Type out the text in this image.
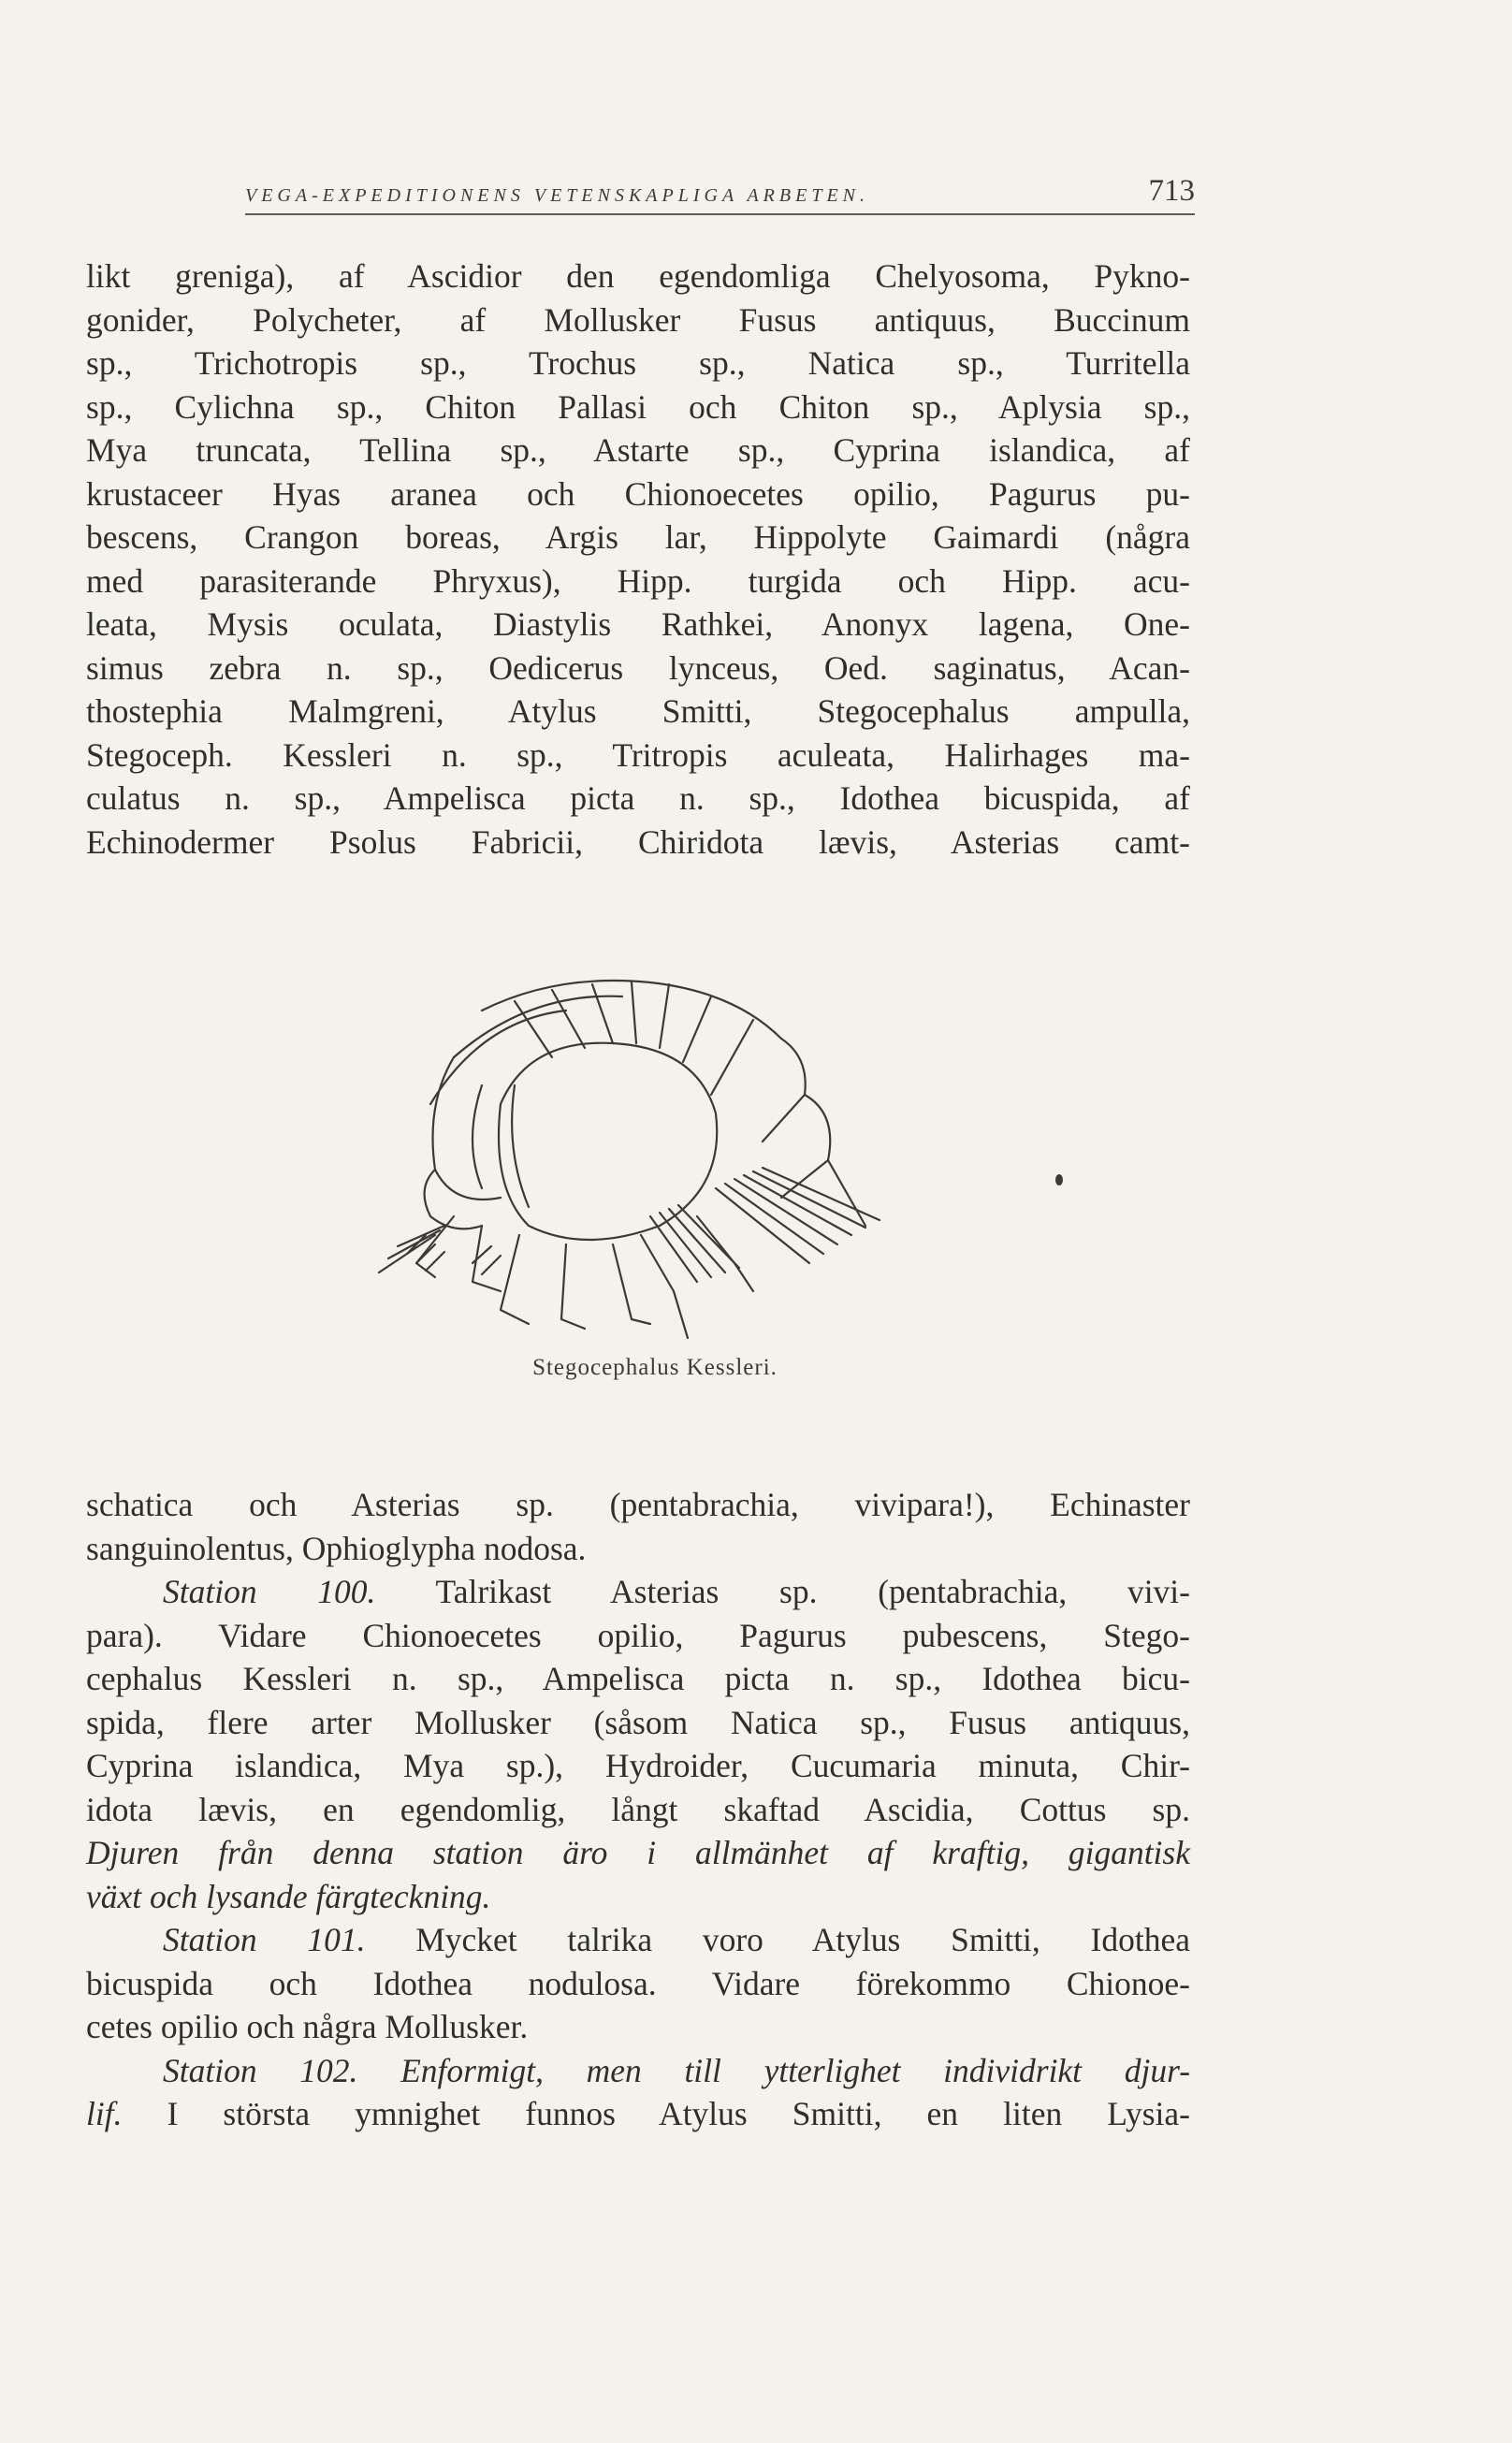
VEGA-EXPEDITIONENS VETENSKAPLIGA ARBETEN.	713

likt greniga), af Ascidior den egendomliga Chelyosoma, Pykno-

gonider, Polycheter, af Mollusker Fusus antiquus, Buccinum

sp., Trichotropis sp., Trochus sp., Natica sp., Turritella

sp., Cylichna sp., Chiton Pallasi och Chiton sp., Aplysia sp.,

Mya truncata, Tellina sp., Astarte sp., Cyprina islandica, af

krustaceer Hyas aranea och Chionoecetes opilio, Pagurus pu-

bescens, Crangon boreas, Argis lar, Hippolyte Gaimardi (några

med parasiterande Phryxus), Hipp. turgida och Hipp. acu-

leata, Mysis oculata, Diastylis Rathkei, Anonyx lagena, One-

simus zebra n. sp., Oedicerus lynceus, Oed. saginatus, Acan-

thostephia Malmgreni, Atylus Smitti, Stegocephalus ampulla,

Stegoceph. Kessleri n. sp., Tritropis aculeata, Halirhages ma-

culatus n. sp., Ampelisca picta n. sp., Idothea bicuspida, af

Echinodermer Psolus Fabricii, Chiridota lævis, Asterias camt-

Stegocephalus Kessleri.

schatica och Asterias sp. (pentabrachia, vivipara!), Echinaster

sanguinolentus, Ophioglypha nodosa.

Station 100. Talrikast Asterias sp. (pentabrachia, vivi-

para). Vidare Chionoecetes opilio, Pagurus pubescens, Stego-

cephalus Kessleri n. sp., Ampelisca picta n. sp., Idothea bicu-

spida, flere arter Mollusker (såsom Natica sp., Fusus antiquus,

Cyprina islandica, Mya sp.), Hydroider, Cucumaria minuta, Chir-

idota lævis, en egendomlig, långt skaftad Ascidia, Cottus sp.

Djuren från denna station äro i allmänhet af kraftig, gigantisk

växt och lysande färgteckning.

Station 101. Mycket talrika voro Atylus Smitti, Idothea

bicuspida och Idothea nodulosa. Vidare förekommo Chionoe-

cetes opilio och några Mollusker.

Station 102. Enformigt, men till ytterlighet individrikt djur-

lif. I största ymnighet funnos Atylus Smitti, en liten Lysia-
